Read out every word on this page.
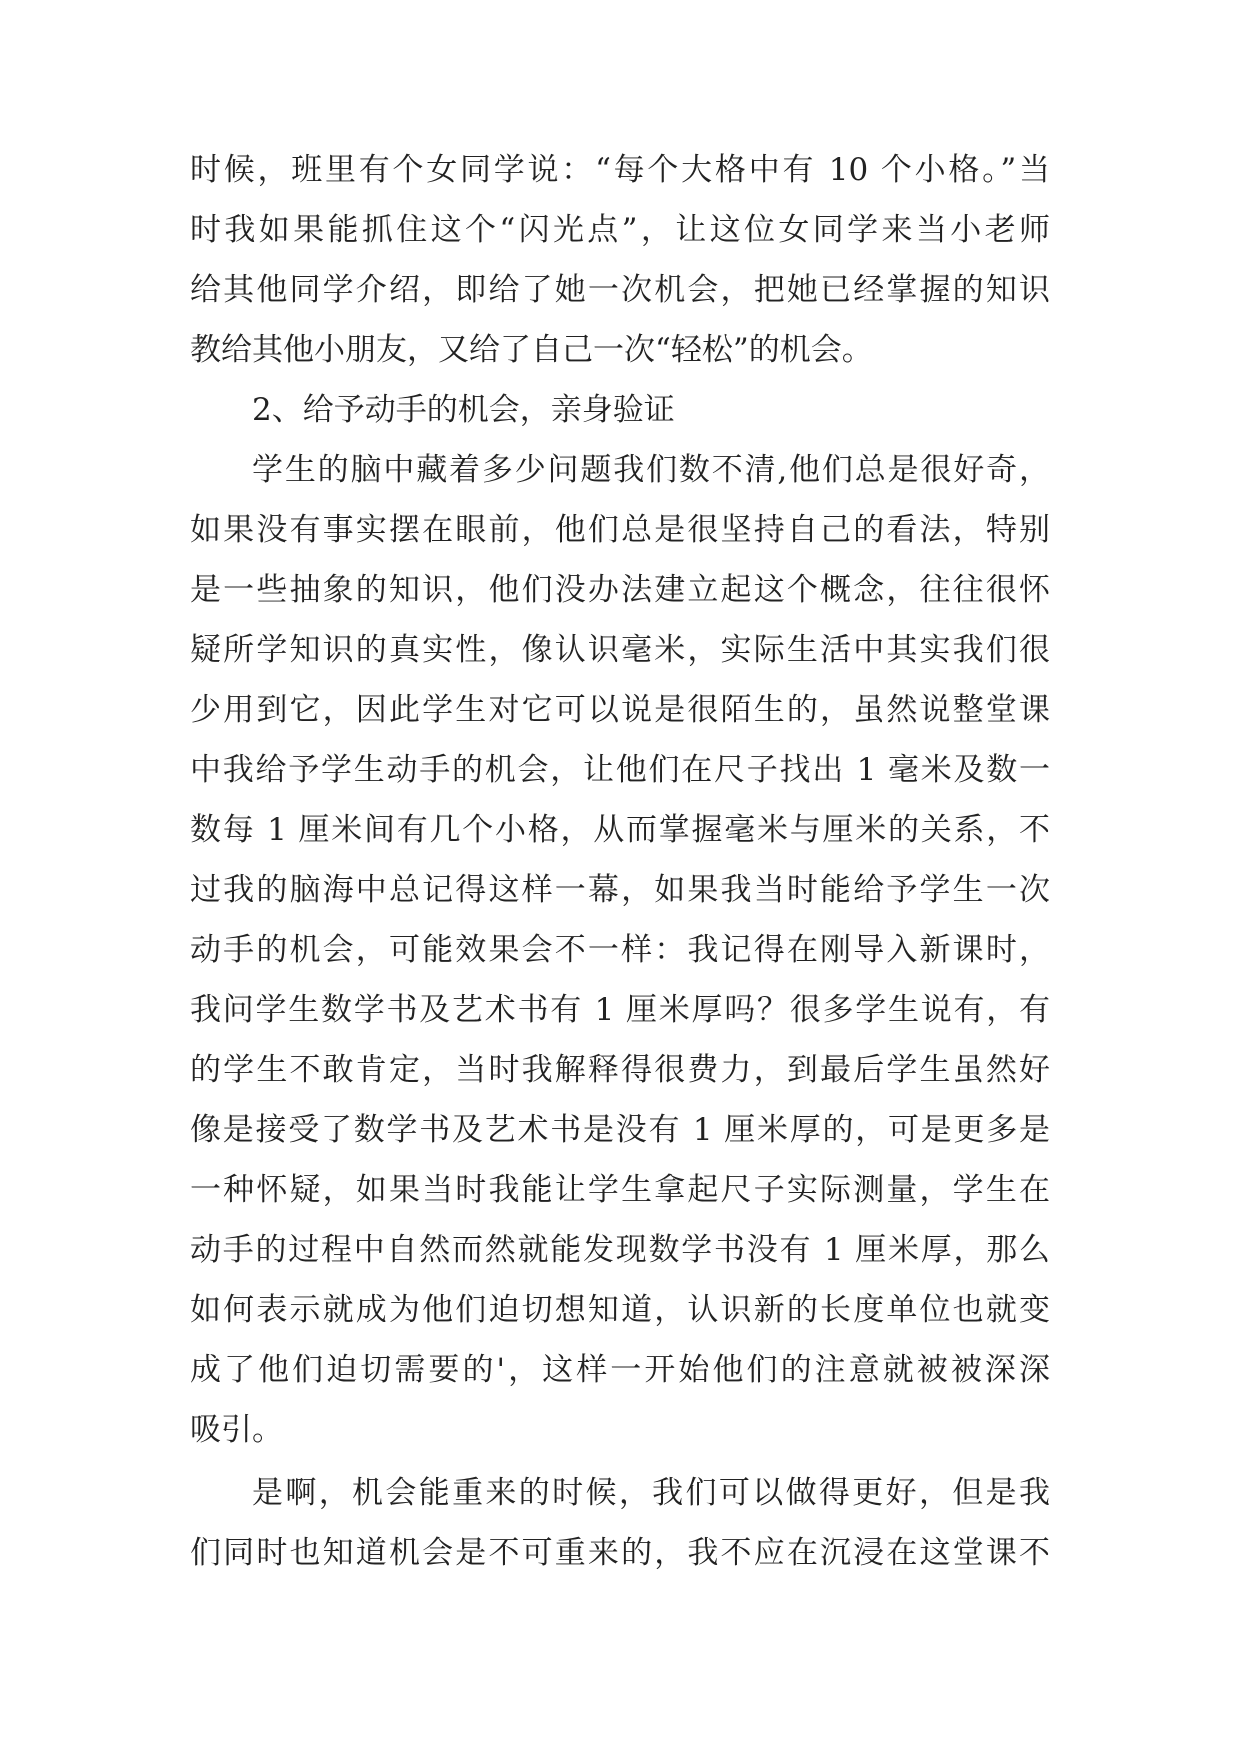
时候，班里有个女同学说：“每个大格中有 10 个小格。”当
时我如果能抓住这个“闪光点”，让这位女同学来当小老师
给其他同学介绍，即给了她一次机会，把她已经掌握的知识
教给其他小朋友，又给了自己一次“轻松”的机会。
2、给予动手的机会，亲身验证
学生的脑中藏着多少问题我们数不清,他们总是很好奇，
如果没有事实摆在眼前，他们总是很坚持自己的看法，特别
是一些抽象的知识，他们没办法建立起这个概念，往往很怀
疑所学知识的真实性，像认识毫米，实际生活中其实我们很
少用到它，因此学生对它可以说是很陌生的，虽然说整堂课
中我给予学生动手的机会，让他们在尺子找出 1 毫米及数一
数每 1 厘米间有几个小格，从而掌握毫米与厘米的关系，不
过我的脑海中总记得这样一幕，如果我当时能给予学生一次
动手的机会，可能效果会不一样：我记得在刚导入新课时，
我问学生数学书及艺术书有 1 厘米厚吗？很多学生说有，有
的学生不敢肯定，当时我解释得很费力，到最后学生虽然好
像是接受了数学书及艺术书是没有 1 厘米厚的，可是更多是
一种怀疑，如果当时我能让学生拿起尺子实际测量，学生在
动手的过程中自然而然就能发现数学书没有 1 厘米厚，那么
如何表示就成为他们迫切想知道，认识新的长度单位也就变
成了他们迫切需要的'，这样一开始他们的注意就被被深深
吸引。
是啊，机会能重来的时候，我们可以做得更好，但是我
们同时也知道机会是不可重来的，我不应在沉浸在这堂课不
